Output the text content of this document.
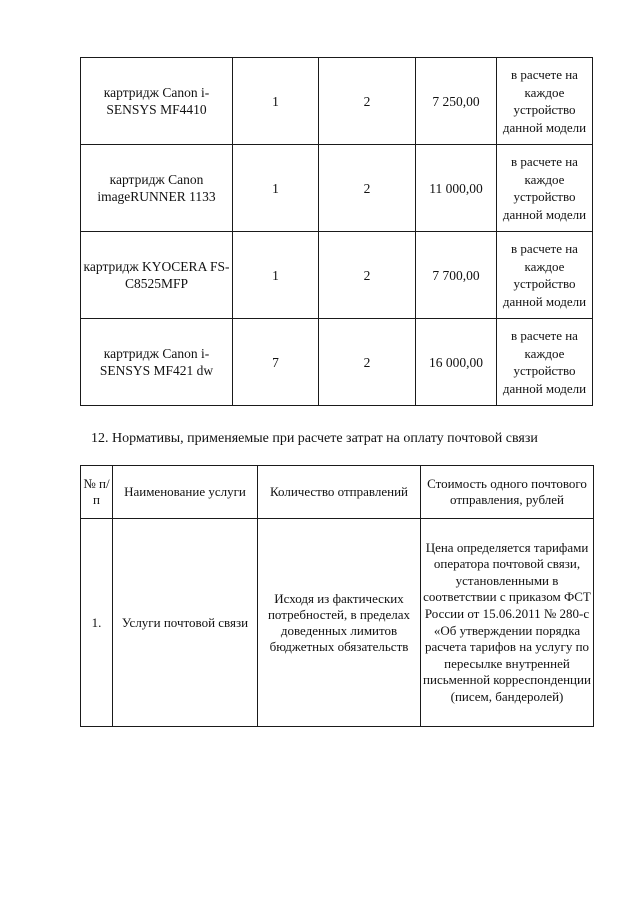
картридж Canon i-SENSYS MF4410	1	2	7 250,00	в расчете на каждое устройство данной модели
картридж Canon imageRUNNER 1133	1	2	11 000,00	в расчете на каждое устройство данной модели
картридж KYOCERA FS-C8525MFP	1	2	7 700,00	в расчете на каждое устройство данной модели
картридж Canon i-SENSYS MF421 dw	7	2	16 000,00	в расчете на каждое устройство данной модели

12. Нормативы, применяемые при расчете затрат на оплату почтовой связи

№ п/п	Наименование услуги	Количество отправлений	Стоимость одного почтового отправления, рублей
1.	Услуги почтовой связи	Исходя из фактических потребностей, в пределах доведенных лимитов бюджетных обязательств	Цена определяется тарифами оператора почтовой связи, установленными в соответствии с приказом ФСТ России от 15.06.2011 № 280-с «Об утверждении порядка расчета тарифов на услугу по пересылке внутренней письменной корреспонденции (писем, бандеролей)
